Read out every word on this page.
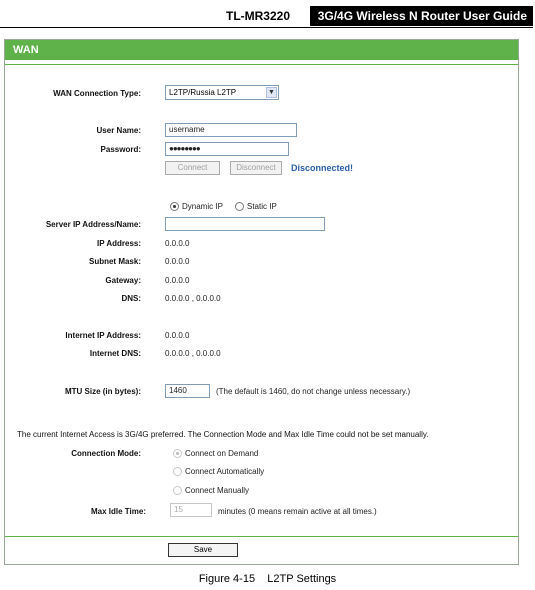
TL-MR3220	3G/4G Wireless N Router User Guide
WAN
WAN Connection Type:	L2TP/Russia L2TP	▼
User Name:	username
Password:	●●●●●●●●
Connect	Disconnect	Disconnected!
Dynamic IP	Static IP
Server IP Address/Name:
IP Address:	0.0.0.0
Subnet Mask:	0.0.0.0
Gateway:	0.0.0.0
DNS:	0.0.0.0 , 0.0.0.0
Internet IP Address:	0.0.0.0
Internet DNS:	0.0.0.0 , 0.0.0.0
MTU Size (in bytes):	1460	(The default is 1460, do not change unless necessary.)
The current Internet Access is 3G/4G preferred. The Connection Mode and Max Idle Time could not be set manually.
Connection Mode:	Connect on Demand
Connect Automatically
Connect Manually
Max Idle Time:	15	minutes (0 means remain active at all times.)
Save
Figure 4-15    L2TP Settings
